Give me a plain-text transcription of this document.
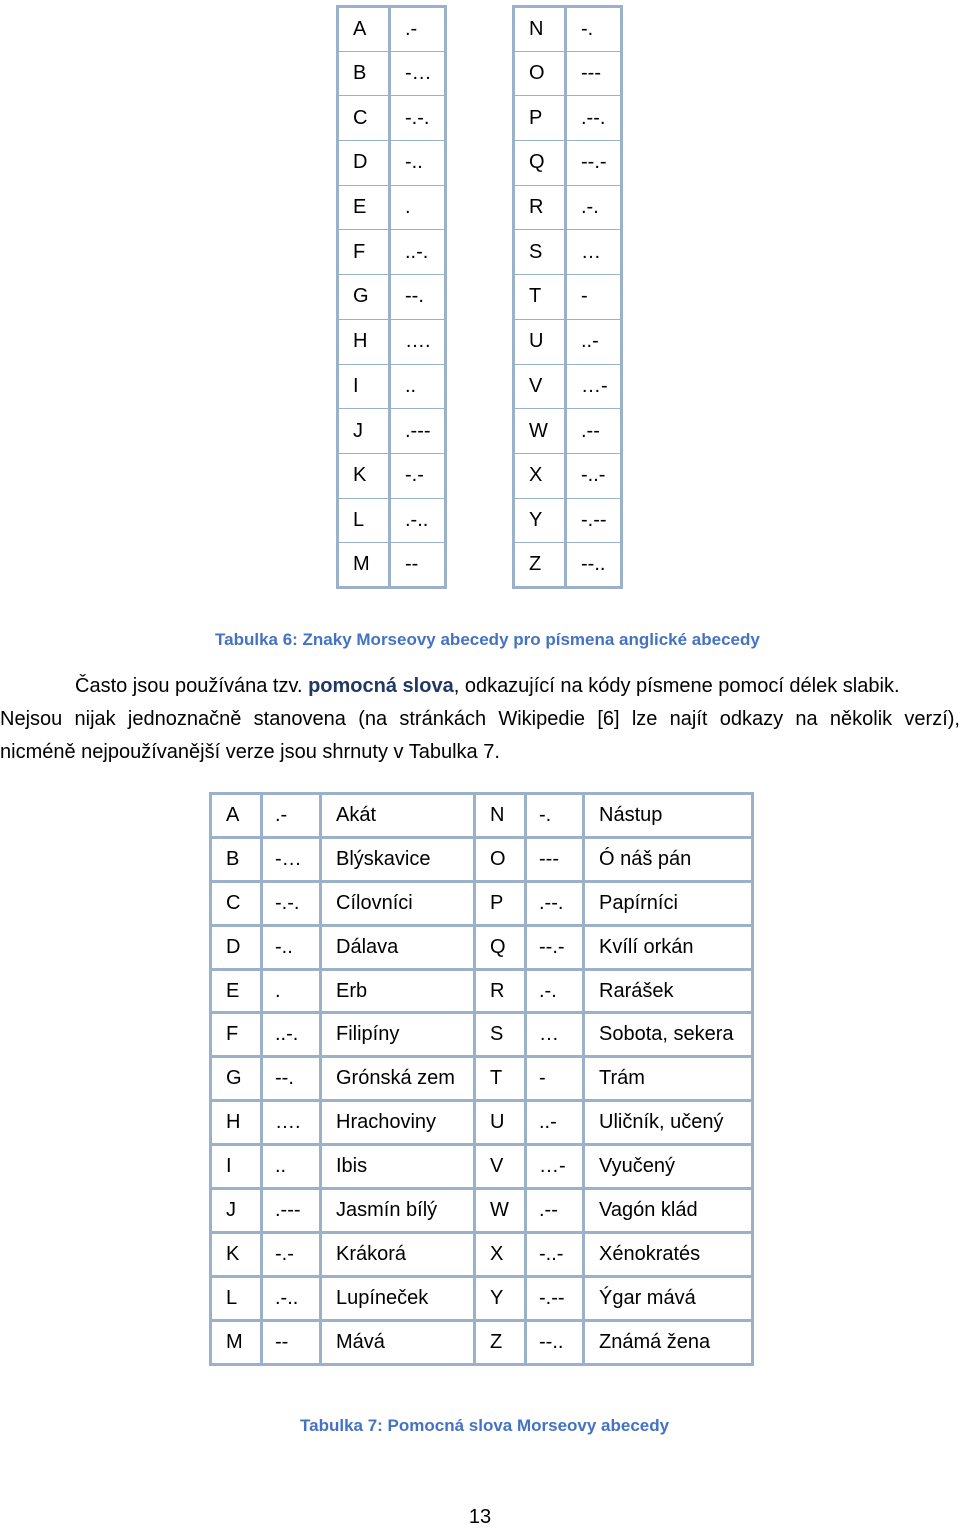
A	.-
B	-…
C	-.-.
D	-..
E	.
F	..-.
G	--.
H	….
I	..
J	.---
K	-.-
L	.-..
M	--
N	-.
O	---
P	.--.
Q	--.-
R	.-.
S	…
T	-
U	..-
V	…-
W	.--
X	-..-
Y	-.--
Z	--..
Tabulka 6: Znaky Morseovy abecedy pro písmena anglické abecedy
Často jsou používána tzv. pomocná slova, odkazující na kódy písmene pomocí délek slabik.
Nejsou nijak jednoznačně stanovena (na stránkách Wikipedie [6] lze najít odkazy na několik verzí),
nicméně nejpoužívanější verze jsou shrnuty v Tabulka 7.
A	.-	Akát	N	-.	Nástup
B	-…	Blýskavice	O	---	Ó náš pán
C	-.-.	Cílovníci	P	.--.	Papírníci
D	-..	Dálava	Q	--.-	Kvílí orkán
E	.	Erb	R	.-.	Rarášek
F	..-.	Filipíny	S	…	Sobota, sekera
G	--.	Grónská zem	T	-	Trám
H	….	Hrachoviny	U	..-	Uličník, učený
I	..	Ibis	V	…-	Vyučený
J	.---	Jasmín bílý	W	.--	Vagón klád
K	-.-	Krákorá	X	-..-	Xénokratés
L	.-..	Lupíneček	Y	-.--	Ýgar mává
M	--	Mává	Z	--..	Známá žena
Tabulka 7: Pomocná slova Morseovy abecedy
13
